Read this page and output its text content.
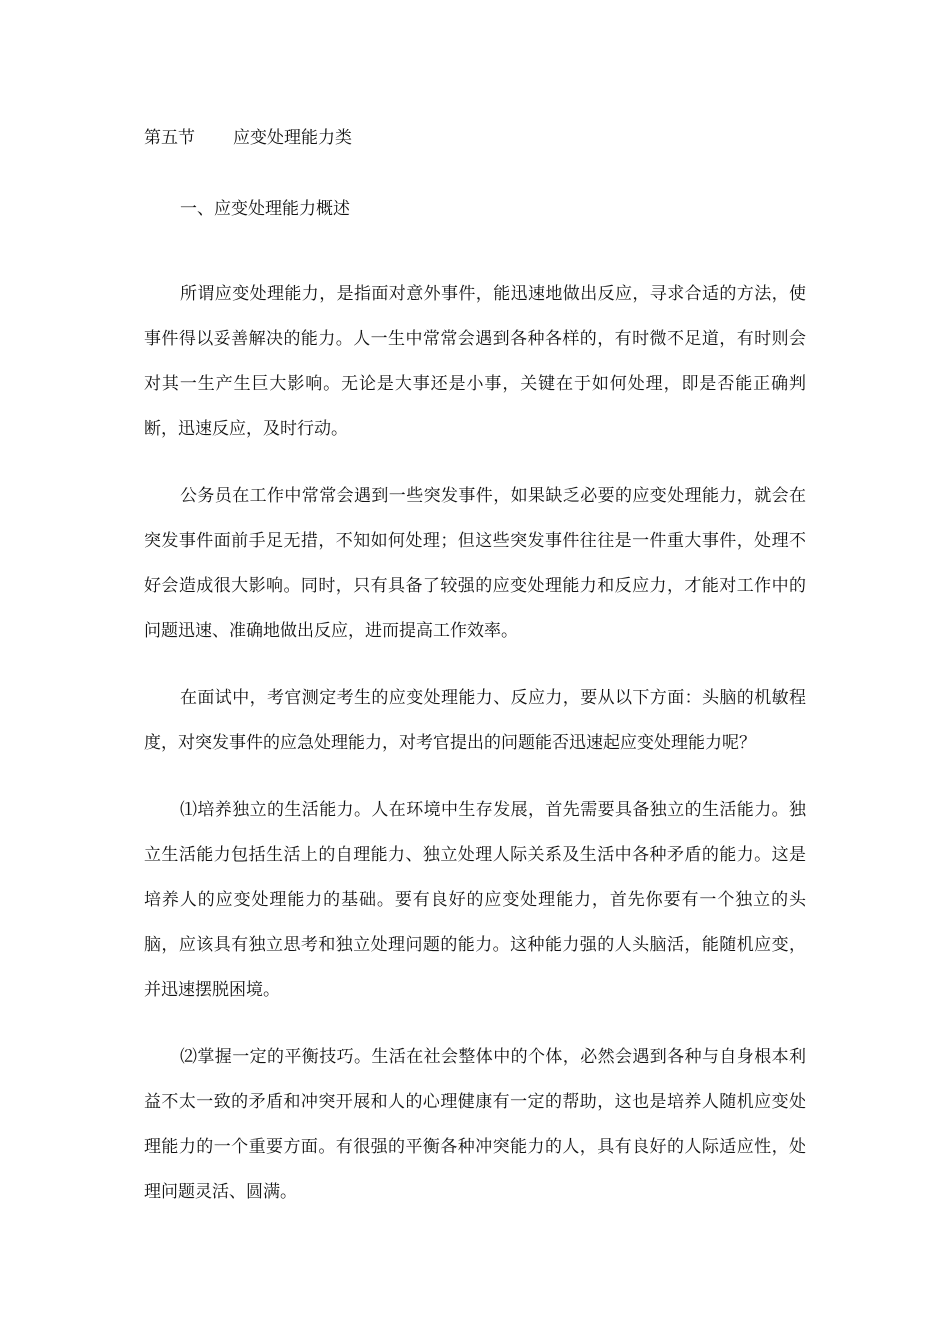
第五节 应变处理能力类
一、应变处理能力概述

所谓应变处理能力，是指面对意外事件，能迅速地做出反应，寻求合适的方法，使事件得以妥善解决的能力。人一生中常常会遇到各种各样的，有时微不足道，有时则会对其一生产生巨大影响。无论是大事还是小事，关键在于如何处理，即是否能正确判断，迅速反应，及时行动。

公务员在工作中常常会遇到一些突发事件，如果缺乏必要的应变处理能力，就会在突发事件面前手足无措，不知如何处理；但这些突发事件往往是一件重大事件，处理不好会造成很大影响。同时，只有具备了较强的应变处理能力和反应力，才能对工作中的问题迅速、准确地做出反应，进而提高工作效率。

在面试中，考官测定考生的应变处理能力、反应力，要从以下方面：头脑的机敏程度，对突发事件的应急处理能力，对考官提出的问题能否迅速起应变处理能力呢？

⑴培养独立的生活能力。人在环境中生存发展，首先需要具备独立的生活能力。独立生活能力包括生活上的自理能力、独立处理人际关系及生活中各种矛盾的能力。这是培养人的应变处理能力的基础。要有良好的应变处理能力，首先你要有一个独立的头脑，应该具有独立思考和独立处理问题的能力。这种能力强的人头脑活，能随机应变，并迅速摆脱困境。

⑵掌握一定的平衡技巧。生活在社会整体中的个体，必然会遇到各种与自身根本利益不太一致的矛盾和冲突开展和人的心理健康有一定的帮助，这也是培养人随机应变处理能力的一个重要方面。有很强的平衡各种冲突能力的人，具有良好的人际适应性，处理问题灵活、圆满。
